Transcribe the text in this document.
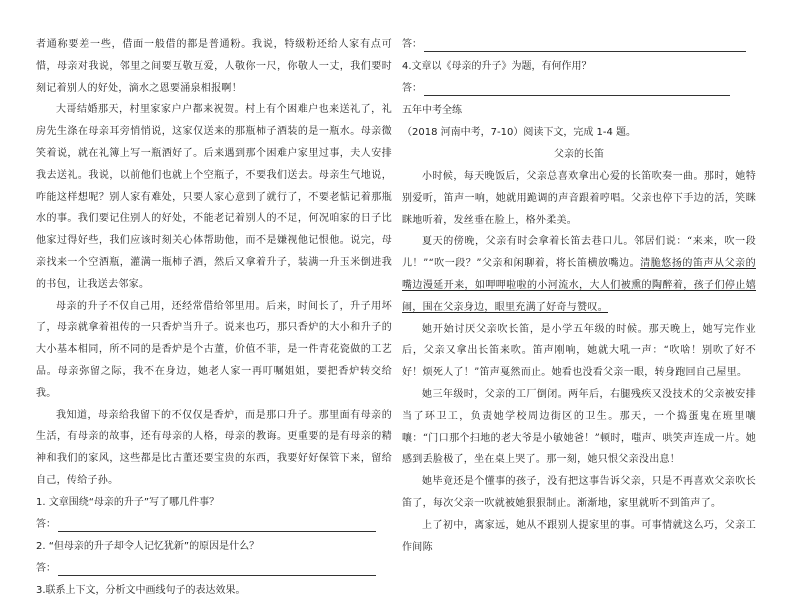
者通称要差一些，借面一般借的都是普通粉。我说，特级粉还给人家有点可惜，母亲对我说，邻里之间要互敬互爱，人敬你一尺，你敬人一丈，我们要时刻记着别人的好处，滴水之恩要涌泉相报啊！

大哥结婚那天，村里家家户户都来祝贺。村上有个困难户也来送礼了，礼房先生涤在母亲耳旁悄悄说，这家仅送来的那瓶柿子酒装的是一瓶水。母亲微笑着说，就在礼簿上写一瓶酒好了。后来遇到那个困难户家里过事，夫人安排我去送礼。我说，以前他们也就上个空瓶子，不要我们送去。母亲生气地说，咋能这样想呢？别人家有难处，只要人家心意到了就行了，不要老惦记着那瓶水的事。我们要记住别人的好处，不能老记着别人的不足，何况咱家的日子比他家过得好些，我们应该时刻关心体帮助他，而不是嫌视他记恨他。说完，母亲找来一个空酒瓶，灌满一瓶柿子酒，然后又拿着升子，装满一升玉米倒进我的书包，让我送去邻家。

母亲的升子不仅自己用，还经常借给邻里用。后来，时间长了，升子用坏了，母亲就拿着祖传的一只香炉当升子。说来也巧，那只香炉的大小和升子的大小基本相同，所不同的是香炉是个古董，价值不菲，是一件青花瓷做的工艺品。母亲弥留之际，我不在身边，她老人家一再叮嘱姐姐，要把香炉转交给我。

我知道，母亲给我留下的不仅仅是香炉，而是那口升子。那里面有母亲的生活，有母亲的故事，还有母亲的人格，母亲的教诲。更重要的是有母亲的精神和我们的家风，这些都是比古董还要宝贵的东西，我要好好保管下来，留给自己，传给子孙。

1. 文章围绕“母亲的升子”写了哪几件事？

答：

2. “但母亲的升子却令人记忆犹新”的原因是什么？

答：

3.联系上下文，分析文中画线句子的表达效果。

答：

4.文章以《母亲的升子》为题，有何作用？

答：

五年中考全练

（2018 河南中考，7-10）阅读下文，完成 1-4 题。

父亲的长笛

小时候，每天晚饭后，父亲总喜欢拿出心爱的长笛吹奏一曲。那时，她特别爱听，笛声一响，她就用跪调的声音跟着哼唱。父亲也停下手边的活，笑眯眯地听着，发丝垂在脸上，格外柔美。

夏天的傍晚，父亲有时会拿着长笛去巷口儿。邻居们说：“来来，吹一段儿！”“吹一段？”父亲和闲聊着，将长笛横放嘴边。清脆悠扬的笛声从父亲的嘴边漫延开来，如呷呷啦啦的小河流水，大人们被熏的陶醉着，孩子们停止嬉闹，围在父亲身边，眼里充满了好奇与赞叹。

她开始讨厌父亲吹长笛，是小学五年级的时候。那天晚上，她写完作业后，父亲又拿出长笛来吹。笛声刚响，她就大吼一声：“吹啥！别吹了好不好！烦死人了！”笛声戛然而止。她看也没看父亲一眼，转身跑回自己屋里。

她三年级时，父亲的工厂倒闭。两年后，右腿残疾又没技术的父亲被安排当了环卫工，负责她学校周边街区的卫生。那天，一个捣蛋鬼在班里嚷嚷：“门口那个扫地的老大爷是小敏她爸！”顿时，嗤声、哄笑声连成一片。她感到丢脸极了，坐在桌上哭了。那一刻，她只恨父亲没出息！

她毕竟还是个懂事的孩子，没有把这事告诉父亲，只是不再喜欢父亲吹长笛了，每次父亲一吹就被她狠狠制止。渐渐地，家里就听不到笛声了。

上了初中，离家远，她从不跟别人提家里的事。可事情就这么巧，父亲工作间陈
